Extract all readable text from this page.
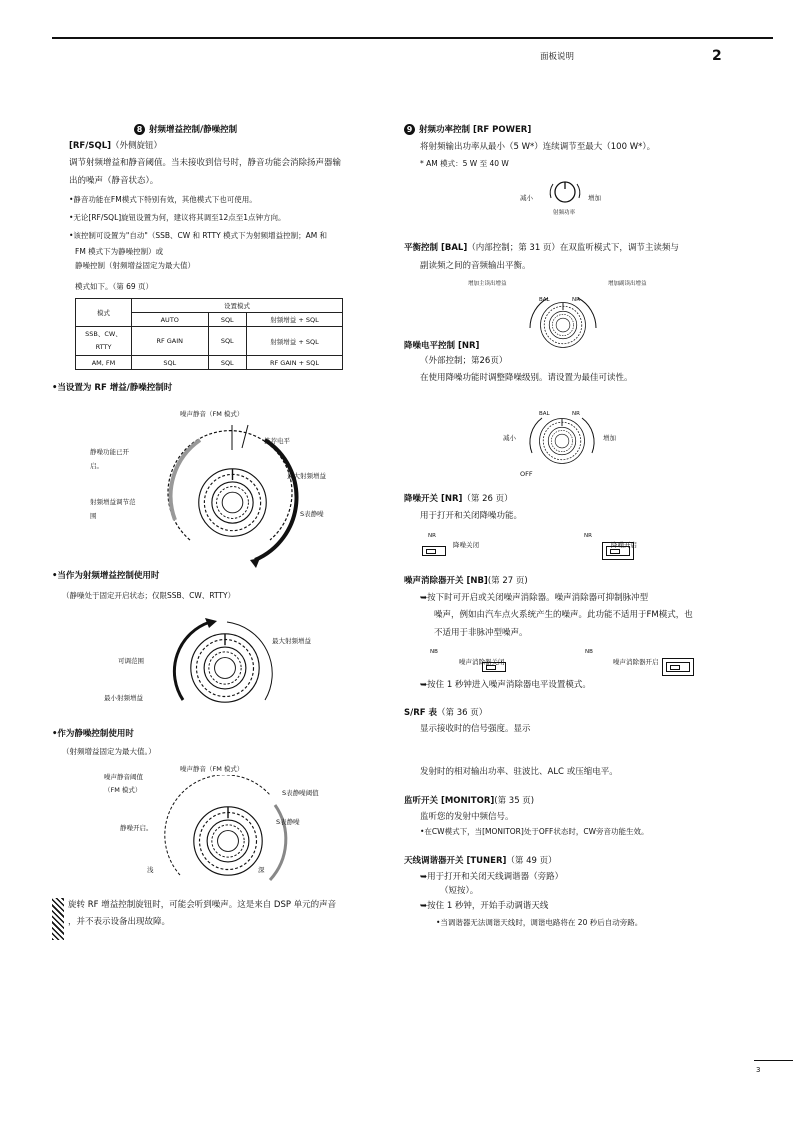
面板说明	2
8 射频增益控制/静噪控制
[RF/SQL]（外侧旋钮）
调节射频增益和静音阈值。当未接收到信号时，静音功能会消除扬声器输
出的噪声（静音状态）。
•静音功能在FM模式下特别有效，其他模式下也可使用。
•无论[RF/SQL]旋钮设置为何，建议将其调至12点至1点钟方向。
•该控制可设置为"自动"（SSB、CW 和 RTTY 模式下为射频增益控制；AM 和
FM 模式下为静噪控制）或
静噪控制（射频增益固定为最大值）
模式如下。（第 69 页）
模式	设置模式		
	AUTO	SQL	射频增益 + SQL
SSB、CW、
RTTY	RF GAIN	SQL	射频增益 + SQL
AM, FM	SQL	SQL	RF GAIN + SQL
•当设置为 RF 增益/静噪控制时
噪声静音（FM 模式）
推荐电平
静噪功能已开
启。
最大射频增益
射频增益调节范
围	S表静噪
•当作为射频增益控制使用时
（静噪处于固定开启状态；仅限SSB、CW、RTTY）
最大射频增益
可调范围
最小射频增益
•作为静噪控制使用时
（射频增益固定为最大值。）
噪声静音（FM 模式）
噪声静音阈值
（FM 模式）	S表静噪阈值
S表静噪
静噪开启。
浅	深
旋转 RF 增益控制旋钮时，可能会听到噪声。这是来自 DSP 单元的声音
，并不表示设备出现故障。
9 射频功率控制 [RF POWER]
将射频输出功率从最小（5 W*）连续调节至最大（100 W*）。
* AM 模式：5 W 至 40 W
减小	增加
射频功率
平衡控制 [BAL]（内部控制；第 31 页）在双监听模式下，调节主读频与
副读频之间的音频输出平衡。
增加主读出增益	增加副读出增益
BAL	NR
降噪电平控制 [NR]
（外部控制；第26页）
在使用降噪功能时调整降噪级别。请设置为最佳可读性。
BAL	NR
减小	增加
OFF
降噪开关 [NR]（第 26 页）
用于打开和关闭降噪功能。
NR

降噪关闭
NR

降噪开启
噪声消除器开关 [NB](第 27 页)
➥按下时可开启或关闭噪声消除器。噪声消除器可抑制脉冲型
噪声，例如由汽车点火系统产生的噪声。此功能不适用于FM模式，也
不适用于非脉冲型噪声。
NB

噪声消除器关闭
NB
噪声消除器开启
➥按住 1 秒钟进入噪声消除器电平设置模式。
S/RF 表（第 36 页）
显示接收时的信号强度。显示
发射时的相对输出功率、驻波比、ALC 或压缩电平。
监听开关 [MONITOR](第 35 页)
监听您的发射中频信号。
•在CW模式下，当[MONITOR]处于OFF状态时，CW旁音功能生效。
天线调谐器开关 [TUNER]（第 49 页）
➥用于打开和关闭天线调谐器（旁路）
（短按）。
➥按住 1 秒钟，开始手动调谐天线
•当调谐器无法调谐天线时，调谐电路将在 20 秒后自动旁路。
3
